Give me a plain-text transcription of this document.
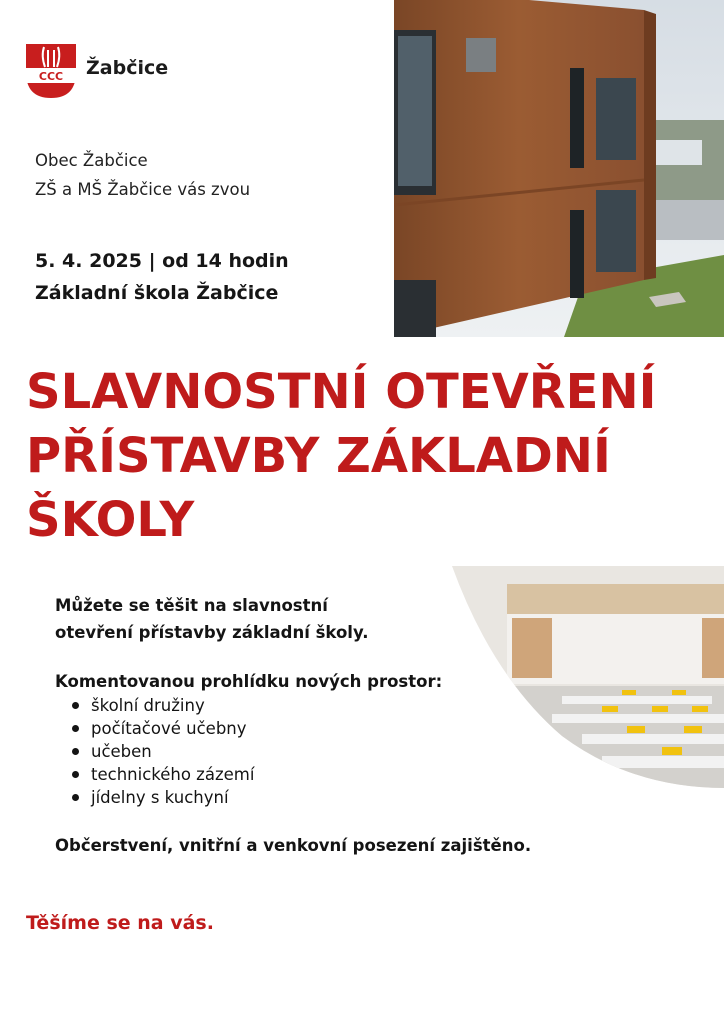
CCC Žabčice
Obec Žabčice
ZŠ a MŠ Žabčice vás zvou
5. 4. 2025 | od 14 hodin
Základní škola Žabčice
SLAVNOSTNÍ OTEVŘENÍ
PŘÍSTAVBY ZÁKLADNÍ
ŠKOLY
Můžete se těšit na slavnostní
otevření přístavby základní školy.
Komentovanou prohlídku nových prostor:
školní družiny
počítačové učebny
učeben
technického zázemí
jídelny s kuchyní
Občerstvení, vnitřní a venkovní posezení zajištěno.
Těšíme se na vás.
